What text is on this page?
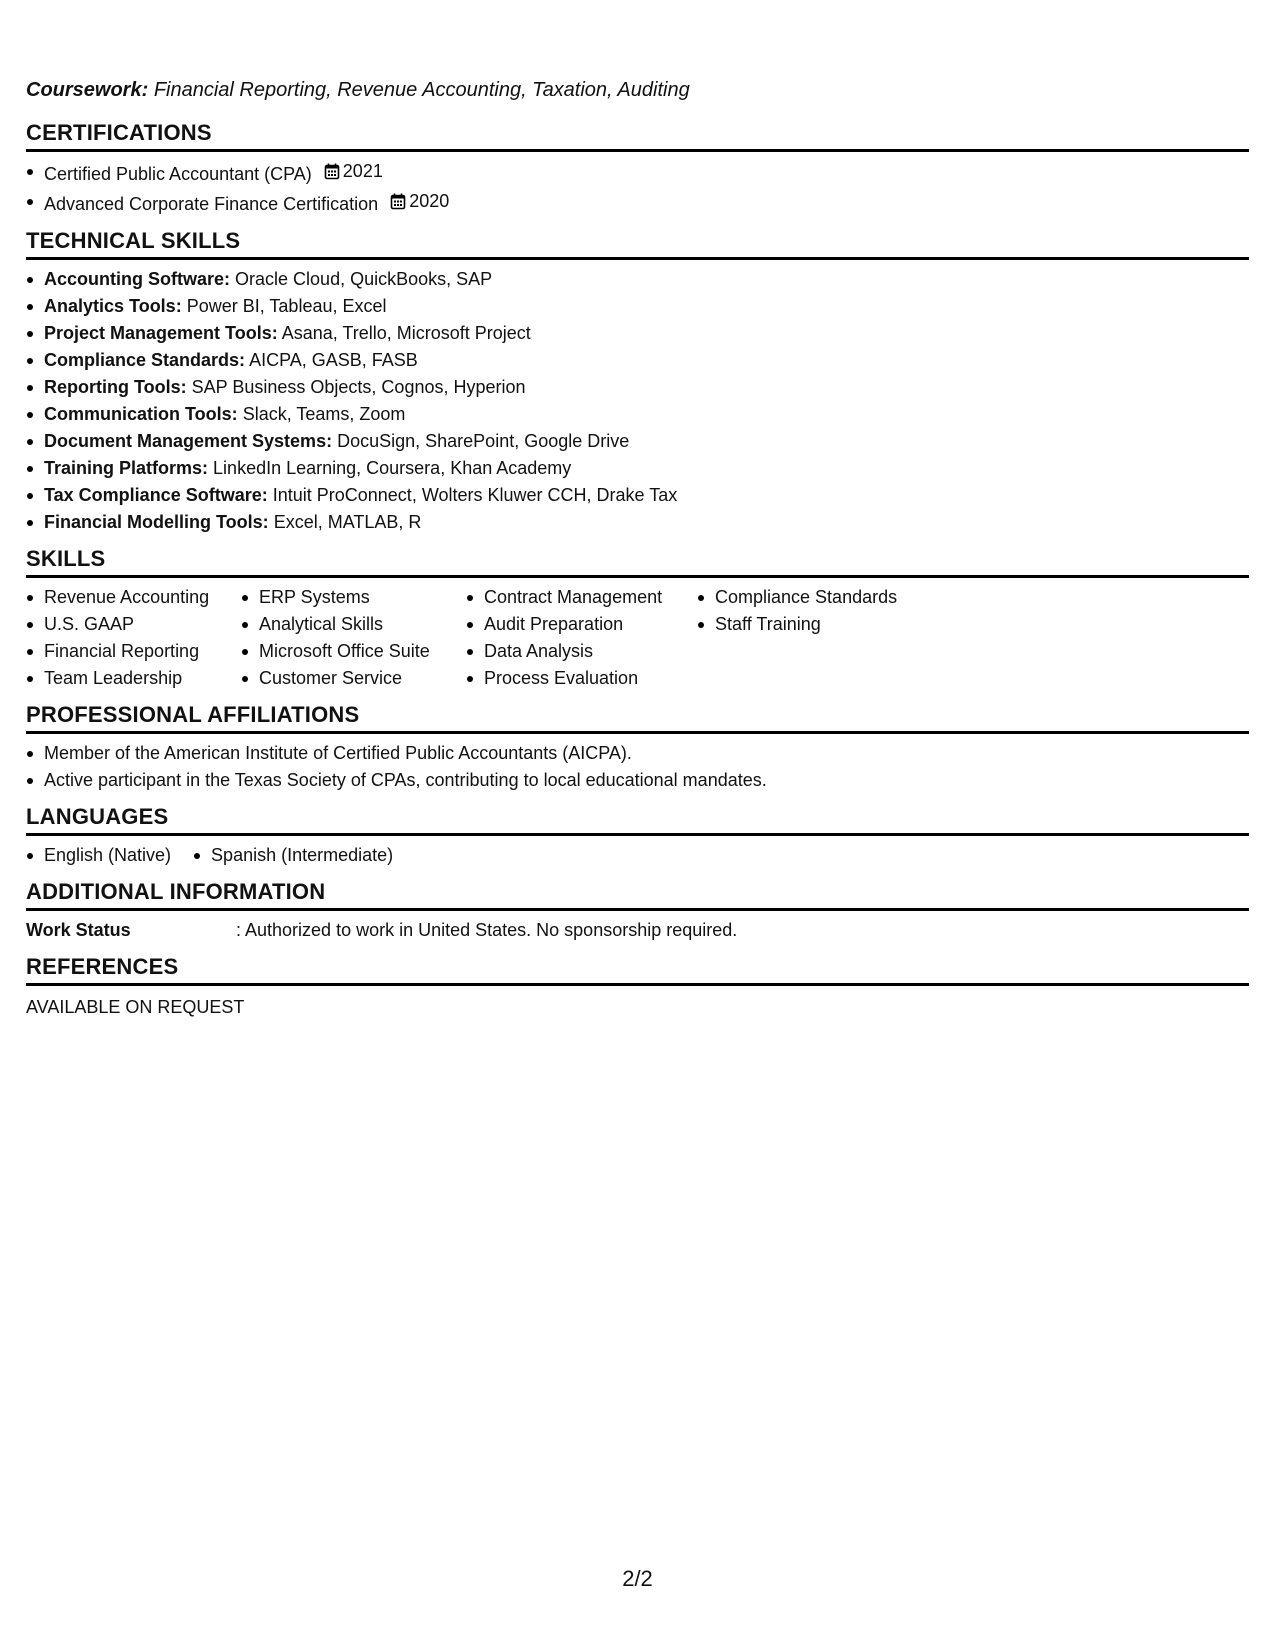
Coursework: Financial Reporting, Revenue Accounting, Taxation, Auditing

CERTIFICATIONS
Certified Public Accountant (CPA) 2021
Advanced Corporate Finance Certification 2020
TECHNICAL SKILLS
Accounting Software: Oracle Cloud, QuickBooks, SAP
Analytics Tools: Power BI, Tableau, Excel
Project Management Tools: Asana, Trello, Microsoft Project
Compliance Standards: AICPA, GASB, FASB
Reporting Tools: SAP Business Objects, Cognos, Hyperion
Communication Tools: Slack, Teams, Zoom
Document Management Systems: DocuSign, SharePoint, Google Drive
Training Platforms: LinkedIn Learning, Coursera, Khan Academy
Tax Compliance Software: Intuit ProConnect, Wolters Kluwer CCH, Drake Tax
Financial Modelling Tools: Excel, MATLAB, R
SKILLS
Revenue Accounting
U.S. GAAP
Financial Reporting
Team Leadership
ERP Systems
Analytical Skills
Microsoft Office Suite
Customer Service
Contract Management
Audit Preparation
Data Analysis
Process Evaluation
Compliance Standards
Staff Training
PROFESSIONAL AFFILIATIONS
Member of the American Institute of Certified Public Accountants (AICPA).
Active participant in the Texas Society of CPAs, contributing to local educational mandates.
LANGUAGES
English (Native)	Spanish (Intermediate)
ADDITIONAL INFORMATION
Work Status	: Authorized to work in United States. No sponsorship required.
REFERENCES
AVAILABLE ON REQUEST
2/2
